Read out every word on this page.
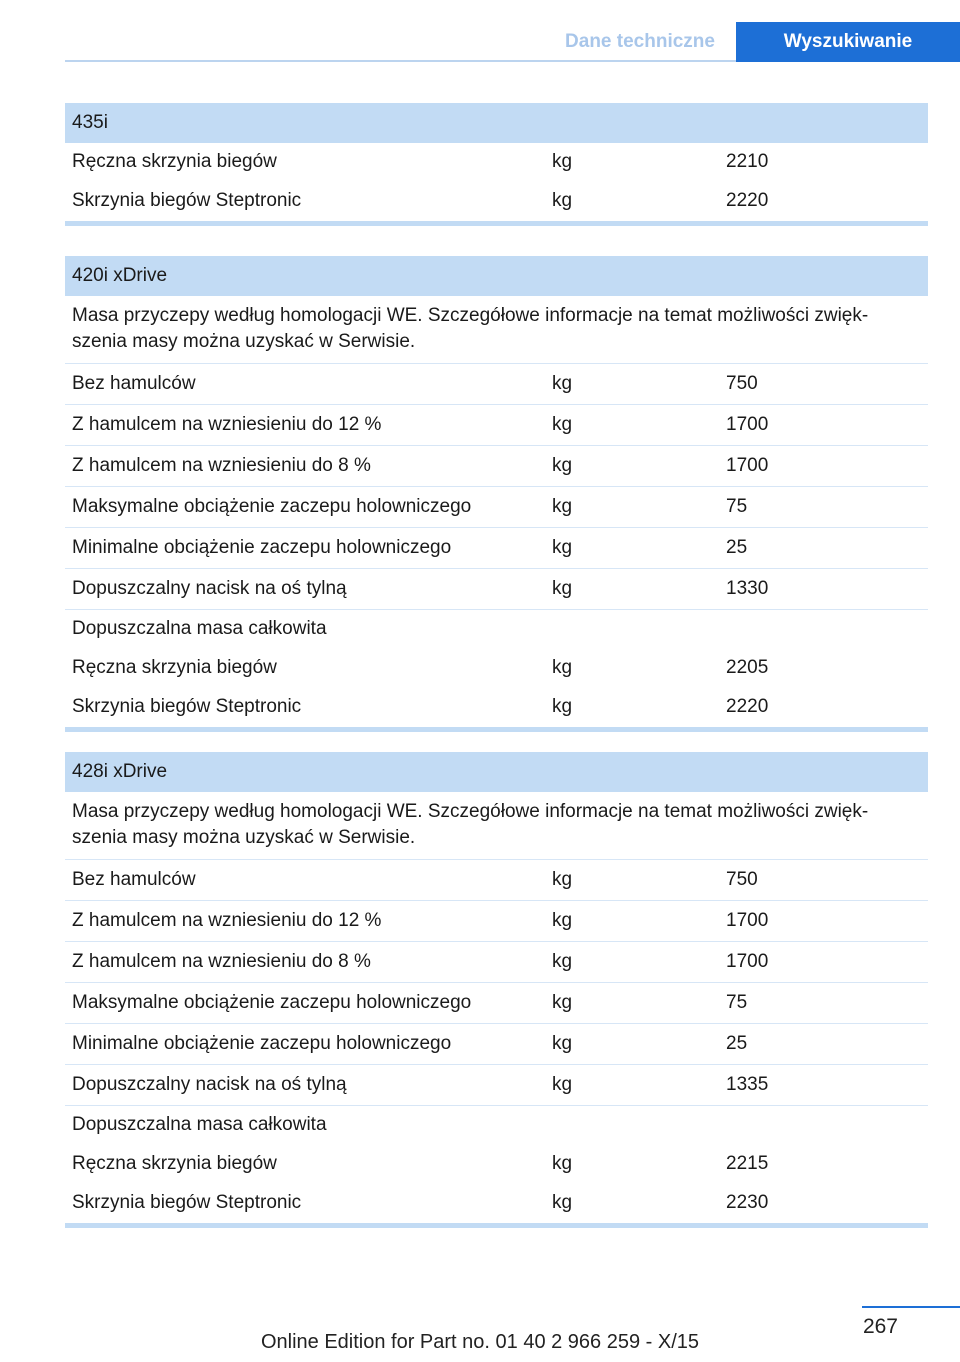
Dane techniczne	Wyszukiwanie
435i
Ręczna skrzynia biegów	kg	2210
Skrzynia biegów Steptronic	kg	2220
420i xDrive
Masa przyczepy według homologacji WE. Szczegółowe informacje na temat możliwości zwięk‐szenia masy można uzyskać w Serwisie.
Bez hamulców	kg	750
Z hamulcem na wzniesieniu do 12 %	kg	1700
Z hamulcem na wzniesieniu do 8 %	kg	1700
Maksymalne obciążenie zaczepu holowniczego	kg	75
Minimalne obciążenie zaczepu holowniczego	kg	25
Dopuszczalny nacisk na oś tylną	kg	1330
Dopuszczalna masa całkowita
Ręczna skrzynia biegów	kg	2205
Skrzynia biegów Steptronic	kg	2220
428i xDrive
Masa przyczepy według homologacji WE. Szczegółowe informacje na temat możliwości zwięk‐szenia masy można uzyskać w Serwisie.
Bez hamulców	kg	750
Z hamulcem na wzniesieniu do 12 %	kg	1700
Z hamulcem na wzniesieniu do 8 %	kg	1700
Maksymalne obciążenie zaczepu holowniczego	kg	75
Minimalne obciążenie zaczepu holowniczego	kg	25
Dopuszczalny nacisk na oś tylną	kg	1335
Dopuszczalna masa całkowita
Ręczna skrzynia biegów	kg	2215
Skrzynia biegów Steptronic	kg	2230
267
Online Edition for Part no. 01 40 2 966 259 - X/15
